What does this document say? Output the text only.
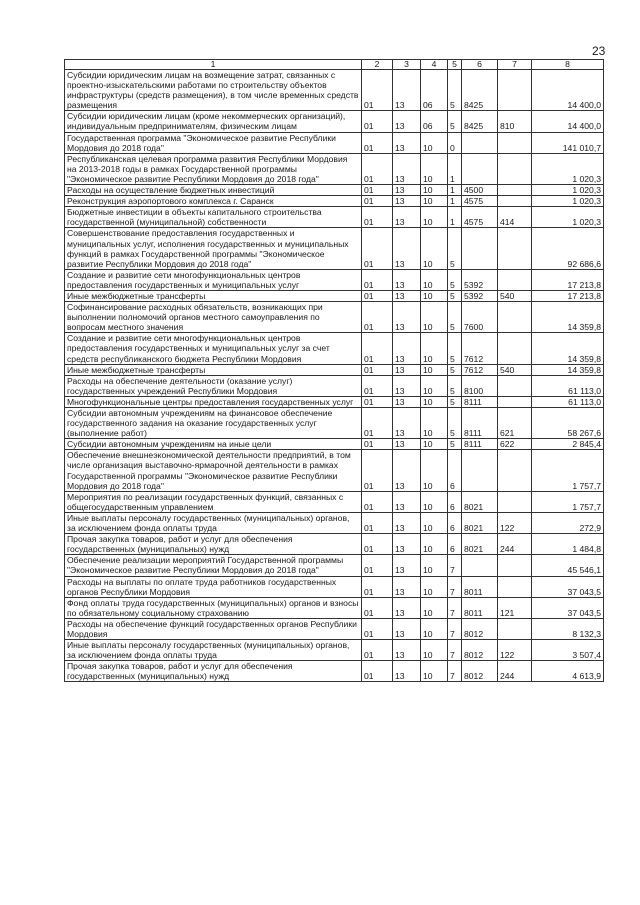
23
1	2	3	4	5	6	7	8
Субсидии юридическим лицам на возмещение затрат, связанных с проектно-изыскательскими работами по строительству объектов инфраструктуры (средств размещения), в том числе временных средств размещения	01	13	06	5	8425		14 400,0
Субсидии юридическим лицам (кроме некоммерческих организаций), индивидуальным предпринимателям, физическим лицам	01	13	06	5	8425	810	14 400,0
Государственная программа "Экономическое развитие Республики Мордовия до 2018 года"	01	13	10	0			141 010,7
Республиканская целевая программа развития Республики Мордовия на 2013-2018 годы в рамках Государственной программы "Экономическое развитие Республики Мордовия до 2018 года"	01	13	10	1			1 020,3
Расходы на осуществление бюджетных инвестиций	01	13	10	1	4500		1 020,3
Реконструкция аэропортового комплекса г. Саранск	01	13	10	1	4575		1 020,3
Бюджетные инвестиции в объекты капитального строительства государственной (муниципальной) собственности	01	13	10	1	4575	414	1 020,3
Совершенствование предоставления государственных и муниципальных услуг, исполнения государственных и муниципальных функций в рамках Государственной программы "Экономическое развитие Республики Мордовия до 2018 года"	01	13	10	5			92 686,6
Создание и развитие сети многофункциональных центров предоставления государственных и муниципальных услуг	01	13	10	5	5392		17 213,8
Иные межбюджетные трансферты	01	13	10	5	5392	540	17 213,8
Софинансирование расходных обязательств, возникающих при выполнении полномочий органов местного самоуправления по вопросам местного значения	01	13	10	5	7600		14 359,8
Создание и развитие сети многофункциональных центров предоставления государственных и муниципальных услуг за счет средств республиканского бюджета Республики Мордовия	01	13	10	5	7612		14 359,8
Иные межбюджетные трансферты	01	13	10	5	7612	540	14 359,8
Расходы на обеспечение деятельности (оказание услуг) государственных учреждений Республики Мордовия	01	13	10	5	8100		61 113,0
Многофункциональные центры предоставления государственных услуг	01	13	10	5	8111		61 113,0
Субсидии автономным учреждениям на финансовое обеспечение государственного задания на оказание государственных услуг (выполнение работ)	01	13	10	5	8111	621	58 267,6
Субсидии автономным учреждениям на иные цели	01	13	10	5	8111	622	2 845,4
Обеспечение внешнеэкономической деятельности предприятий, в том числе организация выставочно-ярмарочной деятельности в рамках Государственной программы "Экономическое развитие Республики Мордовия до 2018 года"	01	13	10	6			1 757,7
Мероприятия по реализации государственных функций, связанных с общегосударственным управлением	01	13	10	6	8021		1 757,7
Иные выплаты персоналу государственных (муниципальных) органов, за исключением фонда оплаты труда	01	13	10	6	8021	122	272,9
Прочая закупка товаров, работ и услуг для обеспечения государственных (муниципальных) нужд	01	13	10	6	8021	244	1 484,8
Обеспечение реализации мероприятий Государственной программы "Экономическое развитие Республики Мордовия до 2018 года"	01	13	10	7			45 546,1
Расходы на выплаты по оплате труда работников государственных органов Республики Мордовия	01	13	10	7	8011		37 043,5
Фонд оплаты труда государственных (муниципальных) органов и взносы по обязательному социальному страхованию	01	13	10	7	8011	121	37 043,5
Расходы на обеспечение функций государственных органов Республики Мордовия	01	13	10	7	8012		8 132,3
Иные выплаты персоналу государственных (муниципальных) органов, за исключением фонда оплаты труда	01	13	10	7	8012	122	3 507,4
Прочая закупка товаров, работ и услуг для обеспечения государственных (муниципальных) нужд	01	13	10	7	8012	244	4 613,9
